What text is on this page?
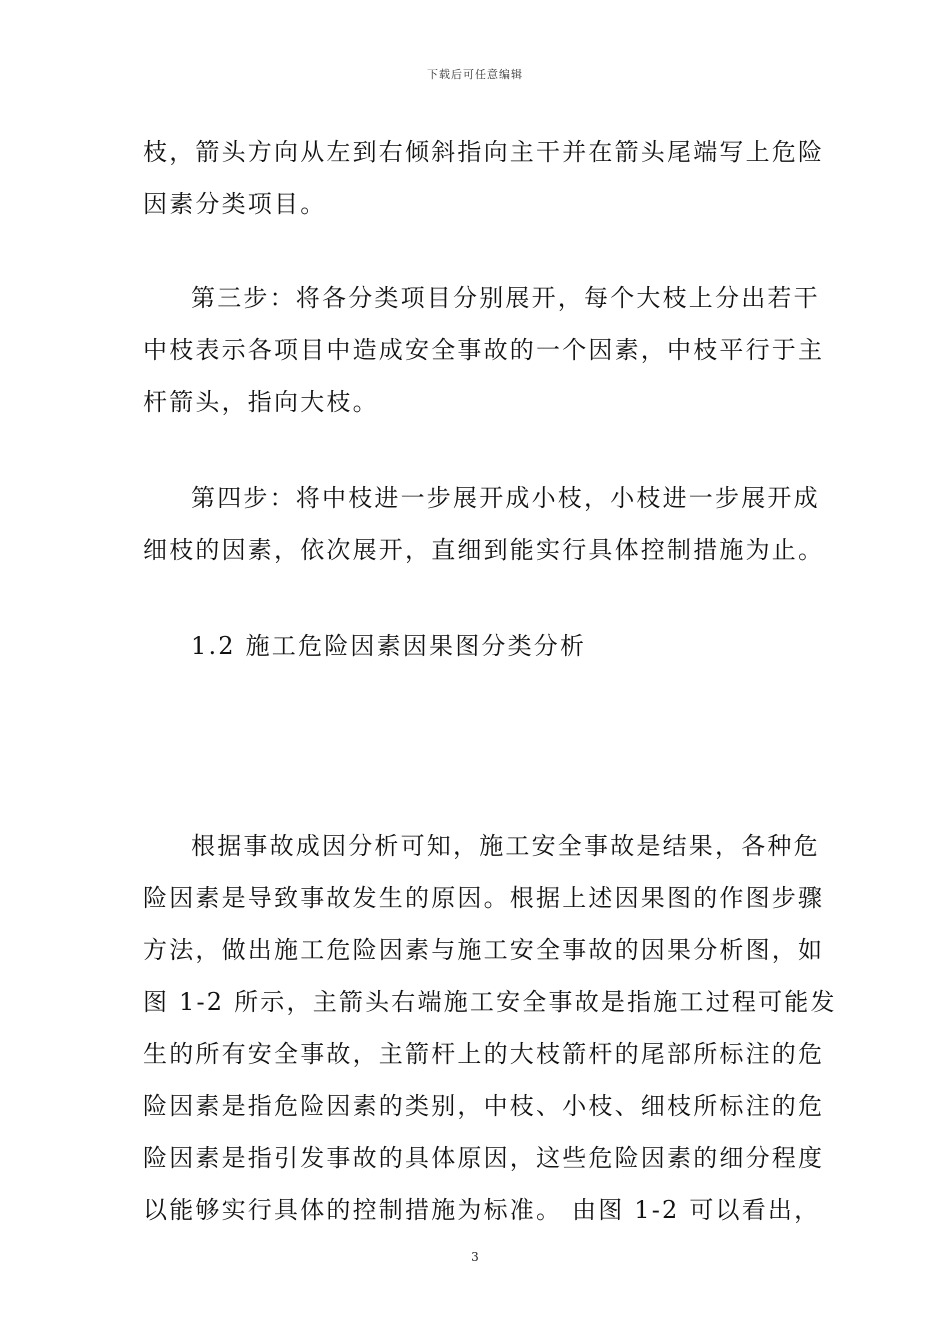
下载后可任意编辑
枝，箭头方向从左到右倾斜指向主干并在箭头尾端写上危险
因素分类项目。
第三步：将各分类项目分别展开，每个大枝上分出若干
中枝表示各项目中造成安全事故的一个因素，中枝平行于主
杆箭头，指向大枝。
第四步：将中枝进一步展开成小枝，小枝进一步展开成
细枝的因素，依次展开，直细到能实行具体控制措施为止。
1.2 施工危险因素因果图分类分析
根据事故成因分析可知，施工安全事故是结果，各种危
险因素是导致事故发生的原因。根据上述因果图的作图步骤
方法，做出施工危险因素与施工安全事故的因果分析图，如
图 1-2 所示，主箭头右端施工安全事故是指施工过程可能发
生的所有安全事故，主箭杆上的大枝箭杆的尾部所标注的危
险因素是指危险因素的类别，中枝、小枝、细枝所标注的危
险因素是指引发事故的具体原因，这些危险因素的细分程度
以能够实行具体的控制措施为标准。 由图 1-2 可以看出，
3
